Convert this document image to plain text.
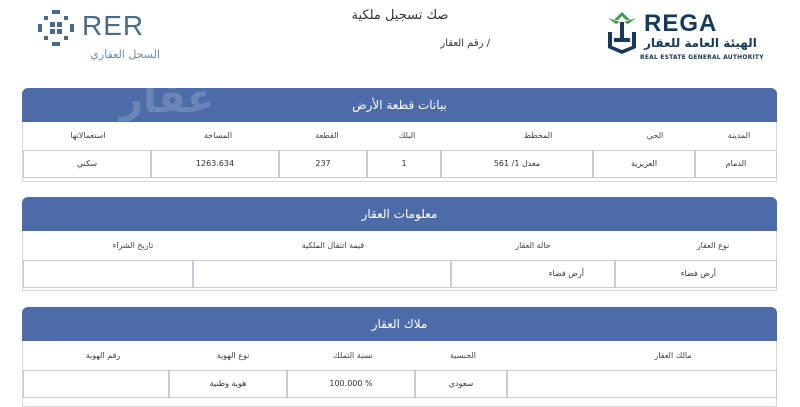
RER
السجل العقاري
صك تسجيل ملكية
رقم العقار /
REGA
الهيئة العامة للعقار
REAL ESTATE GENERAL AUTHORITY
بيانات قطعة الأرض
عقار
المدينة
الحي
المخطط
البلك
القطعة
المساحة
استعمالاتها
الدمام
العزيزية
معدل 1/ 561
1
237
1263.634
سكني
معلومات العقار
نوع العقار
حالة العقار
قيمة انتقال الملكية
تاريخ الشراء
أرض فضاء
أرض فضاء
ملاك العقار
مالك العقار
الجنسية
نسبة التملك
نوع الهوية
رقم الهوية
سعودي
100.000 %
هوية وطنية
